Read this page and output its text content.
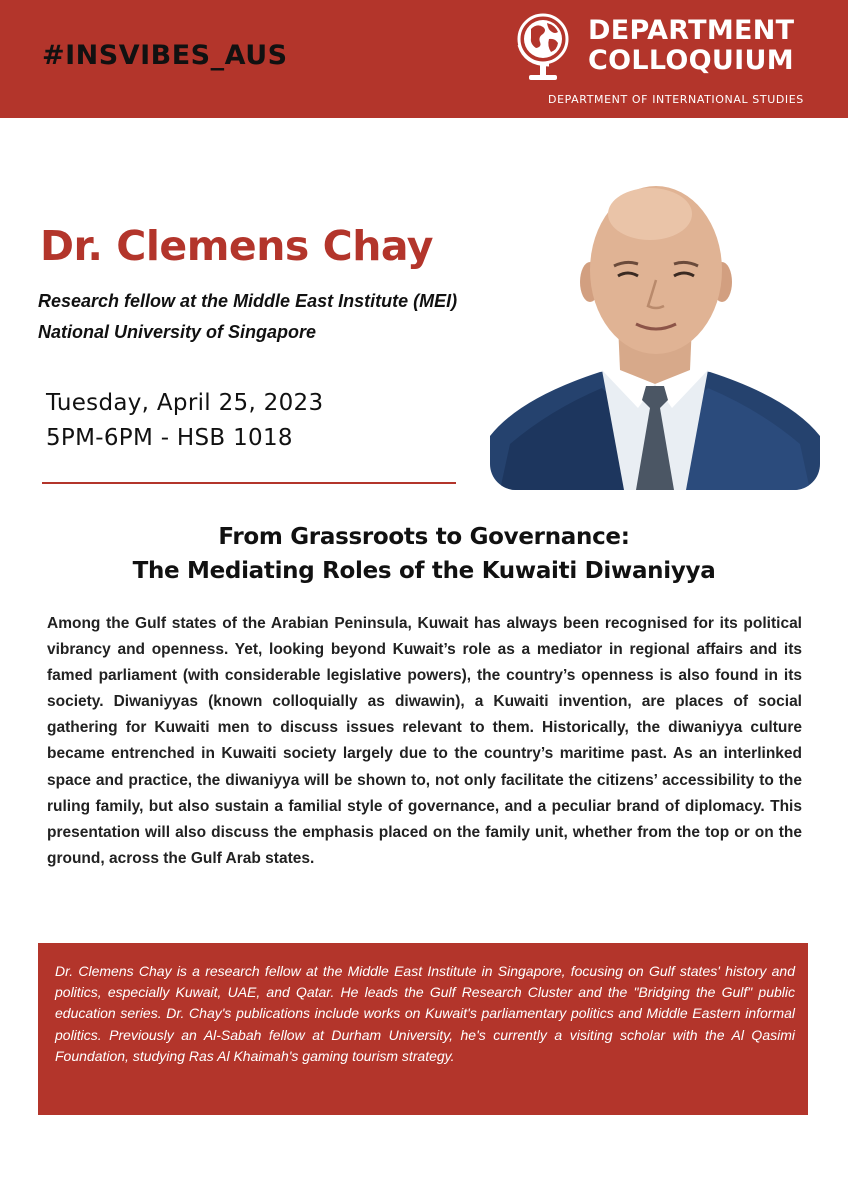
#INSVIBES_AUS
DEPARTMENT
COLLOQUIUM
DEPARTMENT OF INTERNATIONAL STUDIES
Dr. Clemens Chay
Research fellow at the Middle East Institute (MEI)
National University of Singapore
Tuesday, April 25, 2023
5PM-6PM - HSB 1018
From Grassroots to Governance:
The Mediating Roles of the Kuwaiti Diwaniyya
Among the Gulf states of the Arabian Peninsula, Kuwait has always been recognised for its political vibrancy and openness. Yet, looking beyond Kuwait’s role as a mediator in regional affairs and its famed parliament (with considerable legislative powers), the country’s openness is also found in its society. Diwaniyyas (known colloquially as diwawin), a Kuwaiti invention, are places of social gathering for Kuwaiti men to discuss issues relevant to them. Historically, the diwaniyya culture became entrenched in Kuwaiti society largely due to the country’s maritime past. As an interlinked space and practice, the diwaniyya will be shown to, not only facilitate the citizens’ accessibility to the ruling family, but also sustain a familial style of governance, and a peculiar brand of diplomacy. This presentation will also discuss the emphasis placed on the family unit, whether from the top or on the ground, across the Gulf Arab states.
Dr. Clemens Chay is a research fellow at the Middle East Institute in Singapore, focusing on Gulf states' history and politics, especially Kuwait, UAE, and Qatar. He leads the Gulf Research Cluster and the "Bridging the Gulf" public education series. Dr. Chay's publications include works on Kuwait's parliamentary politics and Middle Eastern informal politics. Previously an Al-Sabah fellow at Durham University, he's currently a visiting scholar with the Al Qasimi Foundation, studying Ras Al Khaimah's gaming tourism strategy.
